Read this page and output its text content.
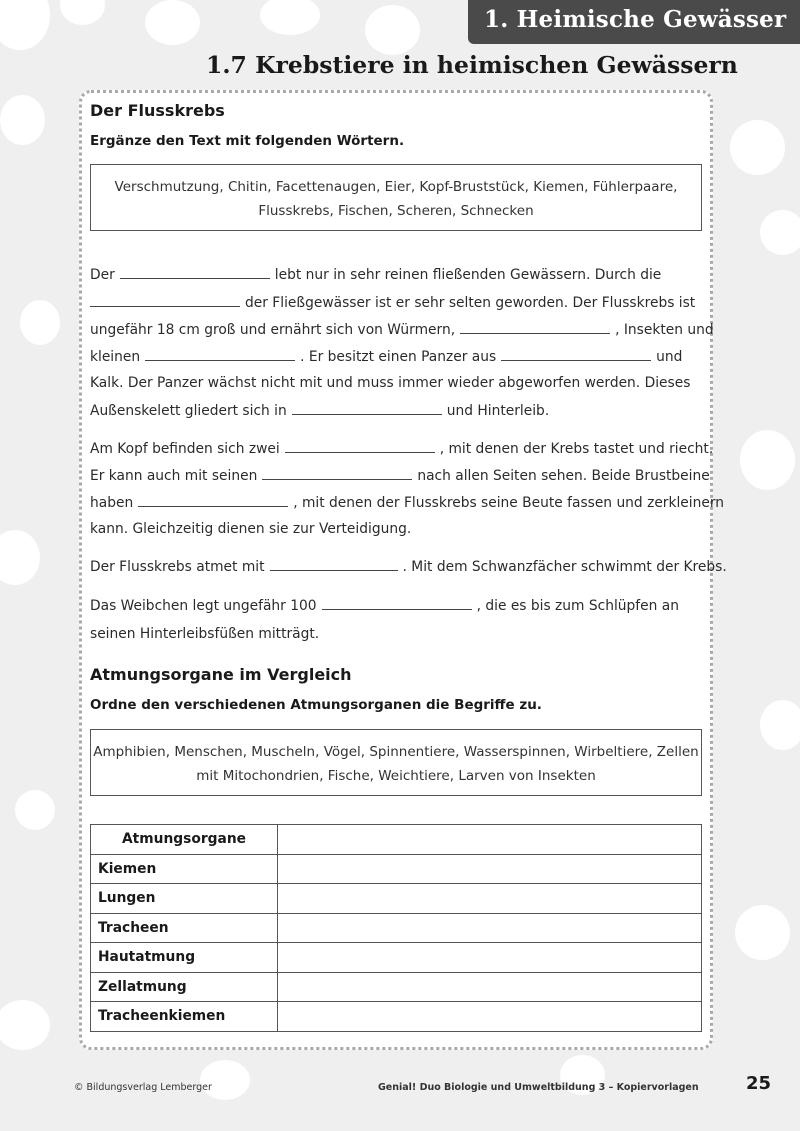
1. Heimische Gewässer
1.7 Krebstiere in heimischen Gewässern
Der Flusskrebs
Ergänze den Text mit folgenden Wörtern.
Verschmutzung, Chitin, Facettenaugen, Eier, Kopf-Bruststück, Kiemen, Fühlerpaare,
Flusskrebs, Fischen, Scheren, Schnecken
Der	lebt nur in sehr reinen fließenden Gewässern. Durch die
der Fließgewässer ist er sehr selten geworden. Der Flusskrebs ist
ungefähr 18 cm groß und ernährt sich von Würmern,	, Insekten und
kleinen	. Er besitzt einen Panzer aus	und
Kalk. Der Panzer wächst nicht mit und muss immer wieder abgeworfen werden. Dieses
Außenskelett gliedert sich in	und Hinterleib.
Am Kopf befinden sich zwei	, mit denen der Krebs tastet und riecht.
Er kann auch mit seinen	nach allen Seiten sehen. Beide Brustbeine
haben	, mit denen der Flusskrebs seine Beute fassen und zerkleinern
kann. Gleichzeitig dienen sie zur Verteidigung.
Der Flusskrebs atmet mit	. Mit dem Schwanzfächer schwimmt der Krebs.
Das Weibchen legt ungefähr 100	, die es bis zum Schlüpfen an
seinen Hinterleibsfüßen mitträgt.
Atmungsorgane im Vergleich
Ordne den verschiedenen Atmungsorganen die Begriffe zu.
Amphibien, Menschen, Muscheln, Vögel, Spinnentiere, Wasserspinnen, Wirbeltiere, Zellen
mit Mitochondrien, Fische, Weichtiere, Larven von Insekten
Atmungsorgane	
Kiemen	
Lungen	
Tracheen	
Hautatmung	
Zellatmung	
Tracheenkiemen	
© Bildungsverlag Lemberger	Genial! Duo Biologie und Umweltbildung 3 – Kopiervorlagen	25
